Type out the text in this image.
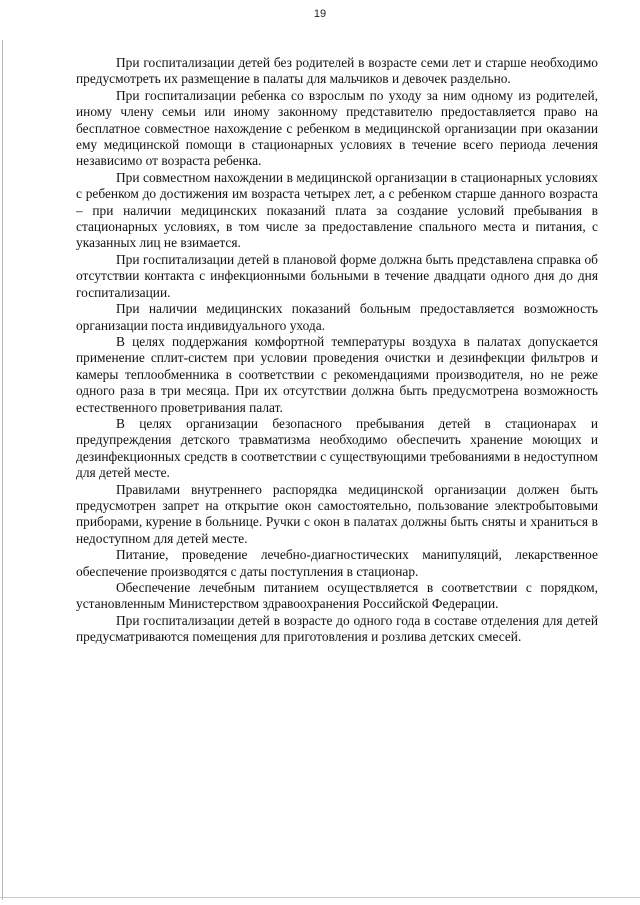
19

При госпитализации детей без родителей в возрасте семи лет и старше необходимо предусмотреть их размещение в палаты для мальчиков и девочек раздельно.

При госпитализации ребенка со взрослым по уходу за ним одному из родителей, иному члену семьи или иному законному представителю предоставляется право на бесплатное совместное нахождение с ребенком в медицинской организации при оказании ему медицинской помощи в стационарных условиях в течение всего периода лечения независимо от возраста ребенка.

При совместном нахождении в медицинской организации в стационарных условиях с ребенком до достижения им возраста четырех лет, а с ребенком старше данного возраста – при наличии медицинских показаний плата за создание условий пребывания в стационарных условиях, в том числе за предоставление спального места и питания, с указанных лиц не взимается.

При госпитализации детей в плановой форме должна быть представлена справка об отсутствии контакта с инфекционными больными в течение двадцати одного дня до дня госпитализации.

При наличии медицинских показаний больным предоставляется возможность организации поста индивидуального ухода.

В целях поддержания комфортной температуры воздуха в палатах допускается применение сплит-систем при условии проведения очистки и дезинфекции фильтров и камеры теплообменника в соответствии с рекомендациями производителя, но не реже одного раза в три месяца. При их отсутствии должна быть предусмотрена возможность естественного проветривания палат.

В целях организации безопасного пребывания детей в стационарах и предупреждения детского травматизма необходимо обеспечить хранение моющих и дезинфекционных средств в соответствии с существующими требованиями в недоступном для детей месте.

Правилами внутреннего распорядка медицинской организации должен быть предусмотрен запрет на открытие окон самостоятельно, пользование электробытовыми приборами, курение в больнице. Ручки с окон в палатах должны быть сняты и храниться в недоступном для детей месте.

Питание, проведение лечебно-диагностических манипуляций, лекарственное обеспечение производятся с даты поступления в стационар.

Обеспечение лечебным питанием осуществляется в соответствии с порядком, установленным Министерством здравоохранения Российской Федерации.

При госпитализации детей в возрасте до одного года в составе отделения для детей предусматриваются помещения для приготовления и розлива детских смесей.
